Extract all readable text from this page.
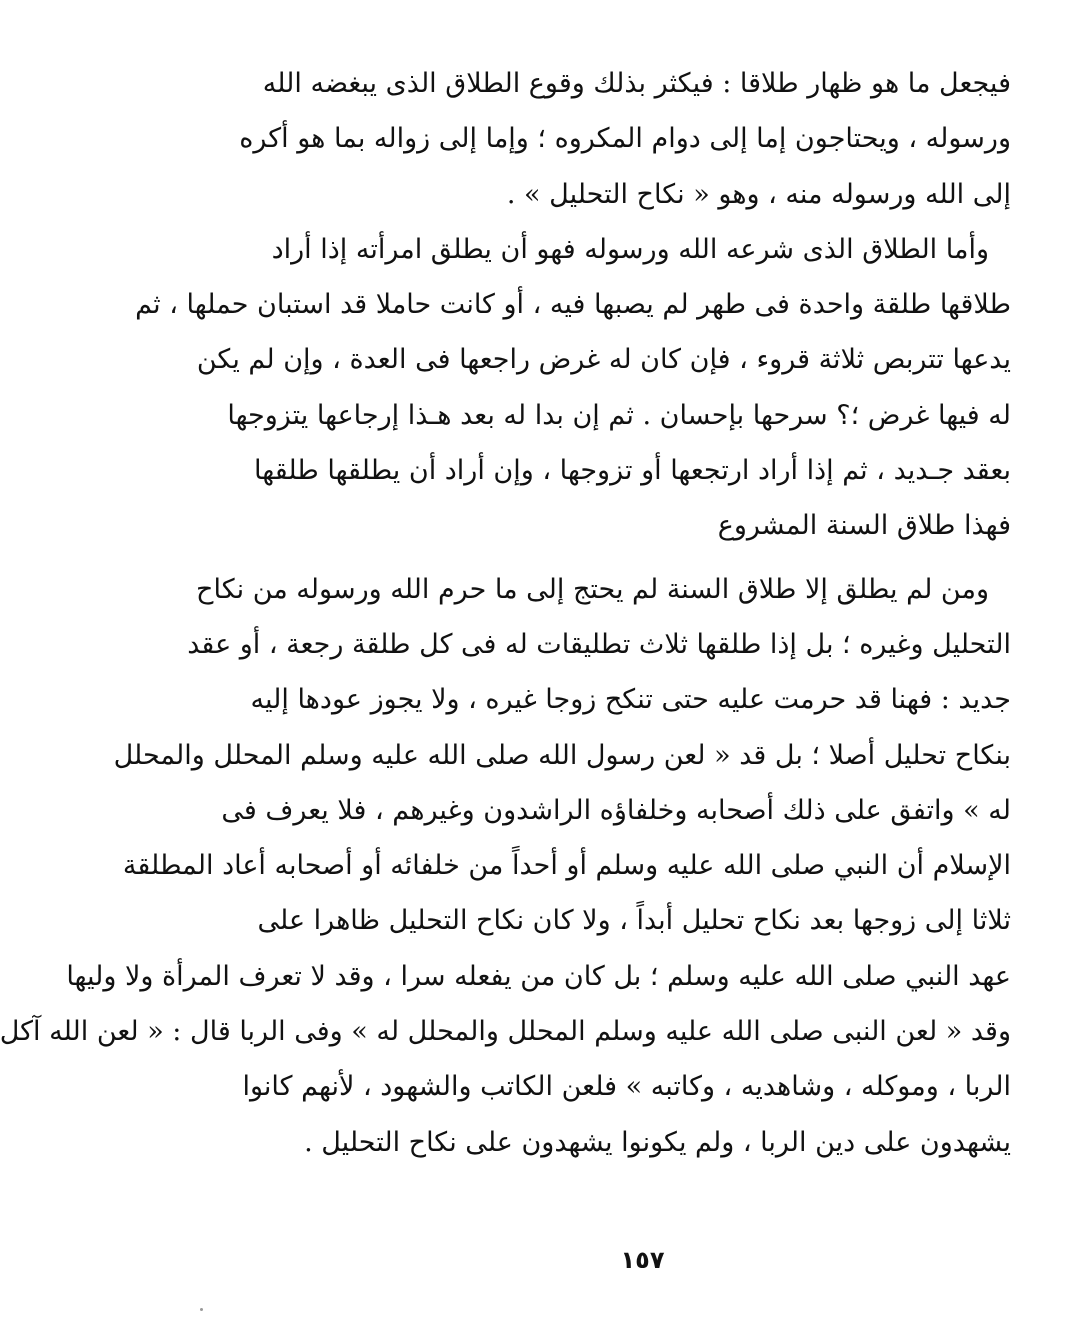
فيجعل ما هو ظهار طلاقا : فيكثر بذلك وقوع الطلاق الذى يبغضه الله
ورسوله ، ويحتاجون إما إلى دوام المكروه ؛ وإما إلى زواله بما هو أكره
إلى الله ورسوله منه ، وهو « نكاح التحليل » .
وأما الطلاق الذى شرعه الله ورسوله فهو أن يطلق امرأته إذا أراد
طلاقها طلقة واحدة فى طهر لم يصبها فيه ، أو كانت حاملا قد استبان حملها ، ثم
يدعها تتربص ثلاثة قروء ، فإن كان له غرض راجعها فى العدة ، وإن لم يكن
له فيها غرض ؛؟ سرحها بإحسان . ثم إن بدا له بعد هـذا إرجاعها يتزوجها
بعقد جـديد ، ثم إذا أراد ارتجعها أو تزوجها ، وإن أراد أن يطلقها طلقها
فهذا طلاق السنة المشروع
ومن لم يطلق إلا طلاق السنة لم يحتج إلى ما حرم الله ورسوله من نكاح
التحليل وغيره ؛ بل إذا طلقها ثلاث تطليقات له فى كل طلقة رجعة ، أو عقد
جديد : فهنا قد حرمت عليه حتى تنكح زوجا غيره ، ولا يجوز عودها إليه
بنكاح تحليل أصلا ؛ بل قد « لعن رسول الله صلى الله عليه وسلم المحلل والمحلل
له » واتفق على ذلك أصحابه وخلفاؤه الراشدون وغيرهم ، فلا يعرف فى
الإسلام أن النبي صلى الله عليه وسلم أو أحداً من خلفائه أو أصحابه أعاد المطلقة
ثلاثا إلى زوجها بعد نكاح تحليل أبداً ، ولا كان نكاح التحليل ظاهرا على
عهد النبي صلى الله عليه وسلم ؛ بل كان من يفعله سرا ، وقد لا تعرف المرأة ولا وليها
وقد « لعن النبى صلى الله عليه وسلم المحلل والمحلل له » وفى الربا قال : « لعن الله آكل
الربا ، وموكله ، وشاهديه ، وكاتبه » فلعن الكاتب والشهود ، لأنهم كانوا
يشهدون على دين الربا ، ولم يكونوا يشهدون على نكاح التحليل .
١٥٧
